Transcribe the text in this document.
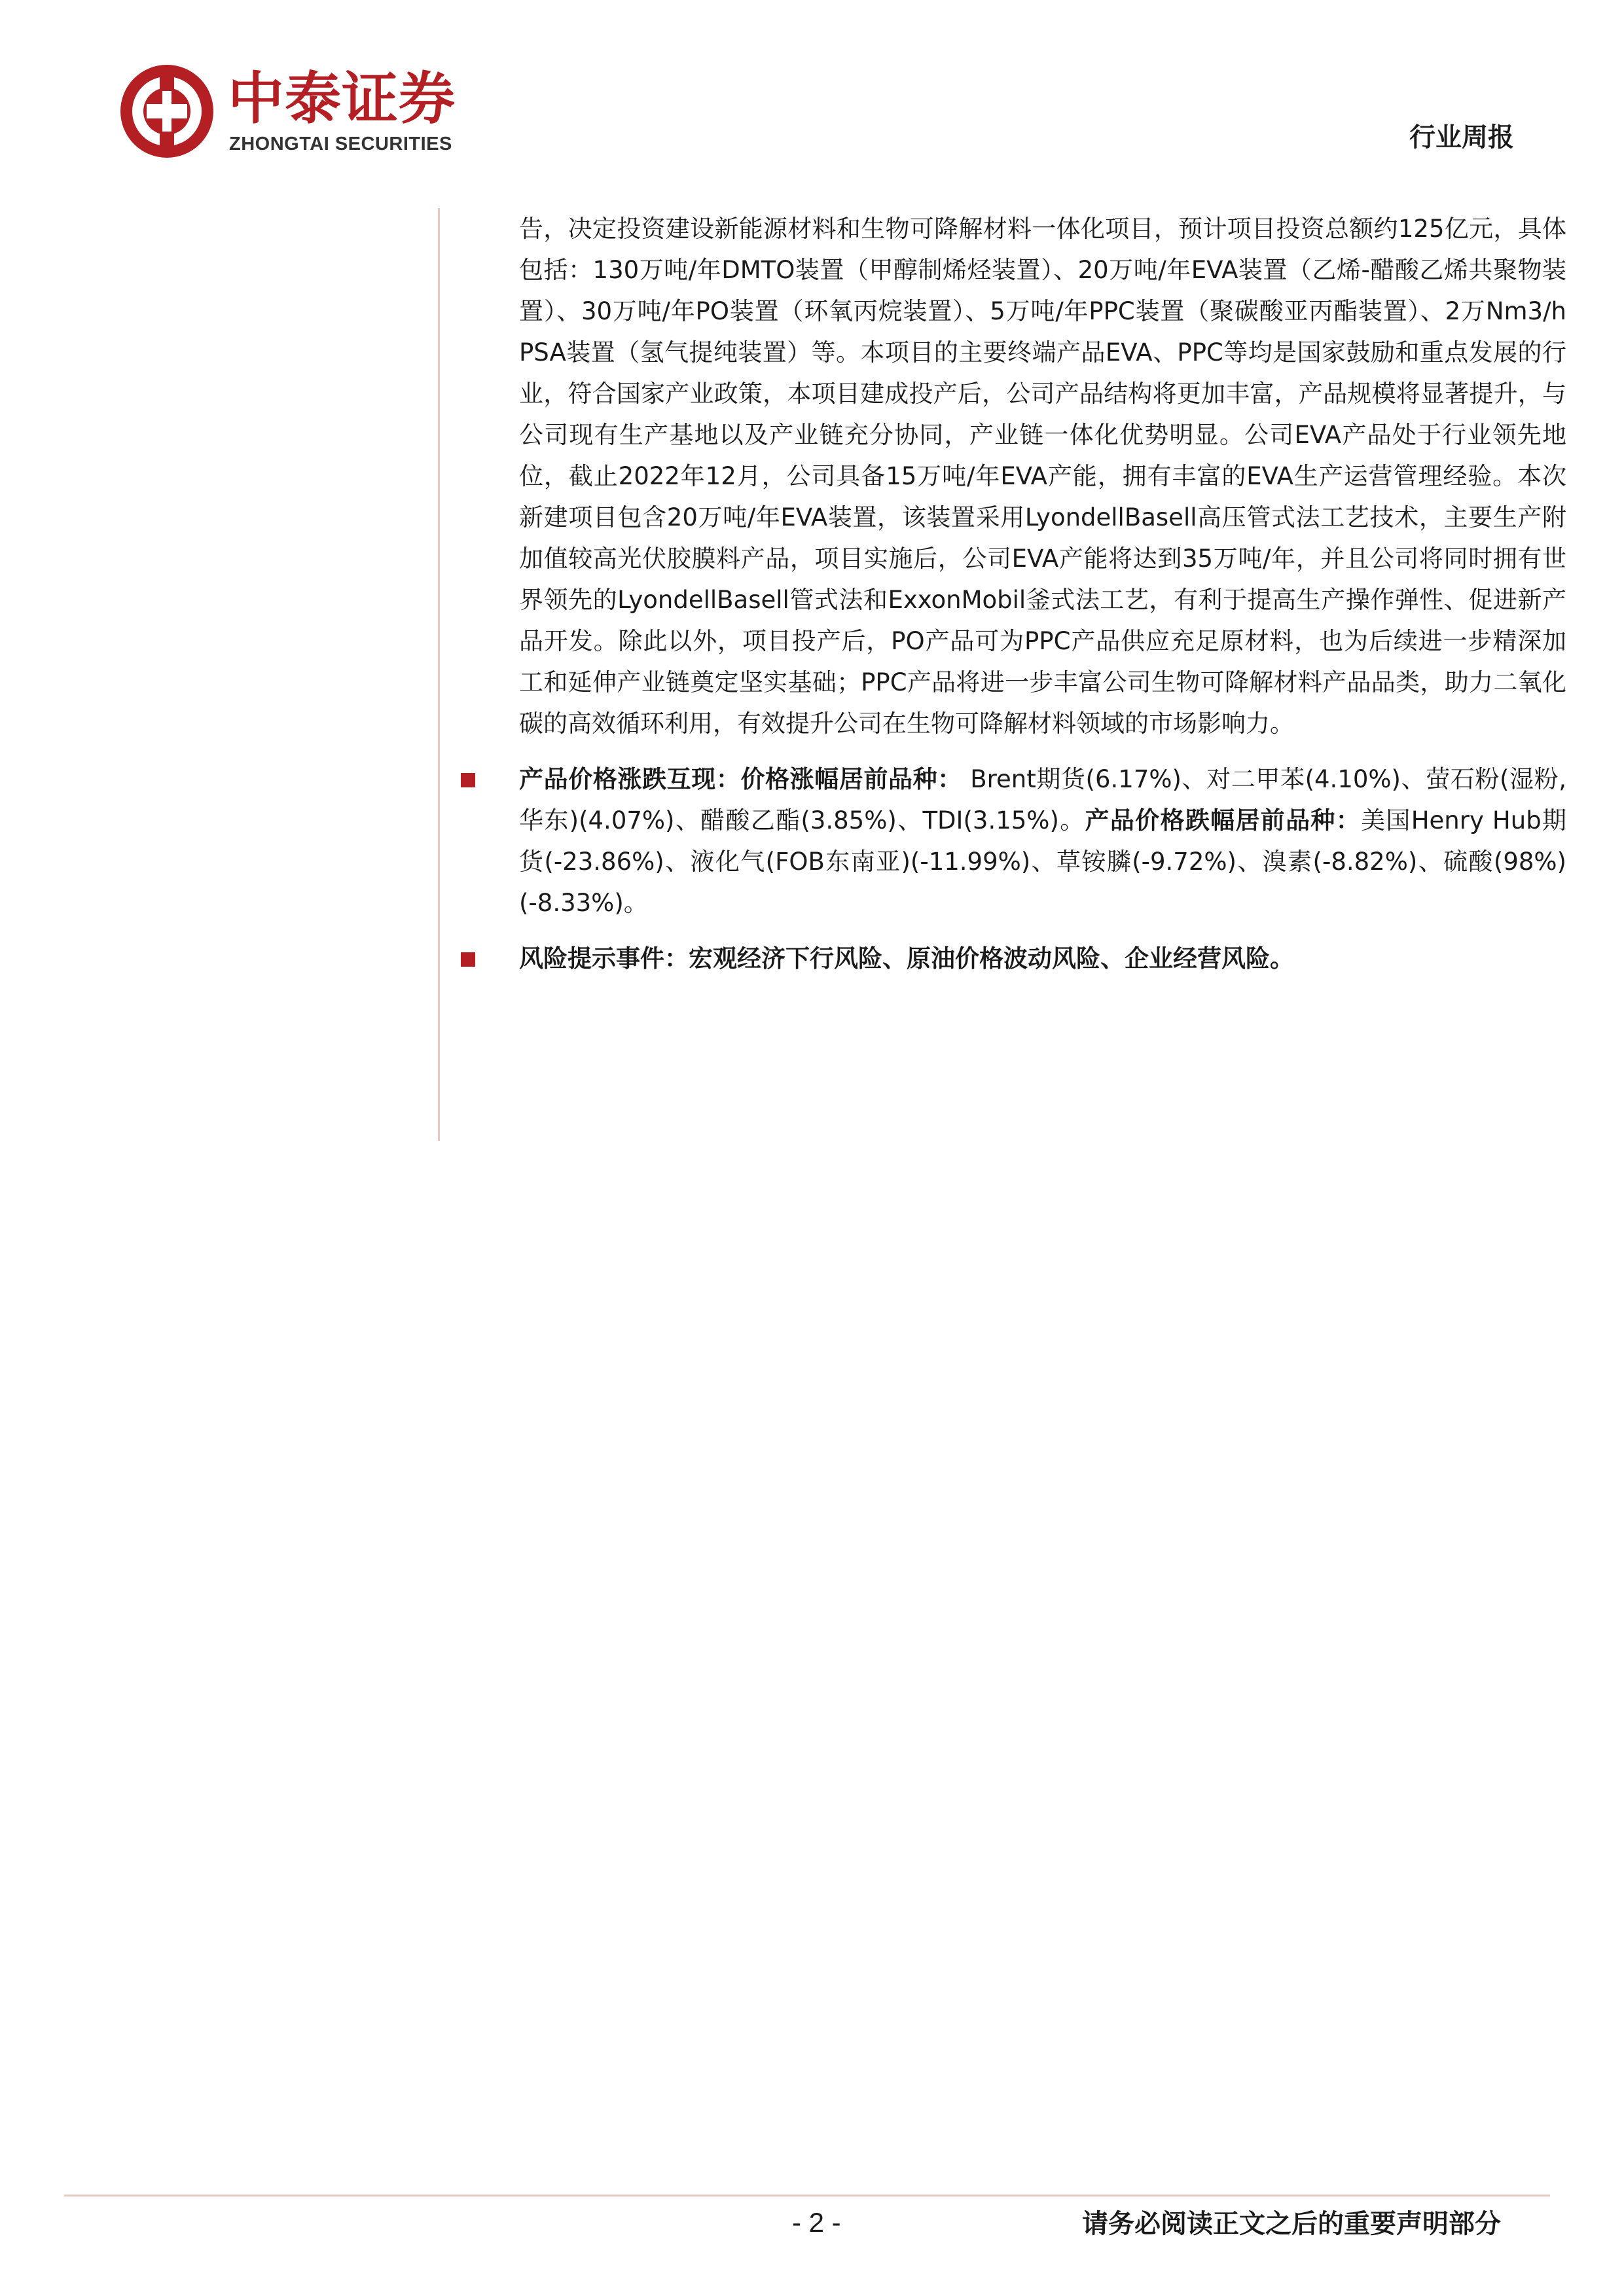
中泰证券
ZHONGTAI SECURITIES	行业周报

告，决定投资建设新能源材料和生物可降解材料一体化项目，预计项目投资总额约125亿元，具体包括：130万吨/年DMTO装置（甲醇制烯烃装置）、20万吨/年EVA装置（乙烯-醋酸乙烯共聚物装置）、30万吨/年PO装置（环氧丙烷装置）、5万吨/年PPC装置（聚碳酸亚丙酯装置）、2万Nm3/h PSA装置（氢气提纯装置）等。本项目的主要终端产品EVA、PPC等均是国家鼓励和重点发展的行业，符合国家产业政策，本项目建成投产后，公司产品结构将更加丰富，产品规模将显著提升，与公司现有生产基地以及产业链充分协同，产业链一体化优势明显。公司EVA产品处于行业领先地位，截止2022年12月，公司具备15万吨/年EVA产能，拥有丰富的EVA生产运营管理经验。本次新建项目包含20万吨/年EVA装置，该装置采用LyondellBasell高压管式法工艺技术，主要生产附加值较高光伏胶膜料产品，项目实施后，公司EVA产能将达到35万吨/年，并且公司将同时拥有世界领先的LyondellBasell管式法和ExxonMobil釜式法工艺，有利于提高生产操作弹性、促进新产品开发。除此以外，项目投产后，PO产品可为PPC产品供应充足原材料，也为后续进一步精深加工和延伸产业链奠定坚实基础；PPC产品将进一步丰富公司生物可降解材料产品品类，助力二氧化碳的高效循环利用，有效提升公司在生物可降解材料领域的市场影响力。

产品价格涨跌互现：价格涨幅居前品种： Brent期货(6.17%)、对二甲苯(4.10%)、萤石粉(湿粉,华东)(4.07%)、醋酸乙酯(3.85%)、TDI(3.15%)。产品价格跌幅居前品种：美国Henry Hub期货(-23.86%)、液化气(FOB东南亚)(-11.99%)、草铵膦(-9.72%)、溴素(-8.82%)、硫酸(98%)(-8.33%)。

风险提示事件：宏观经济下行风险、原油价格波动风险、企业经营风险。

- 2 -	请务必阅读正文之后的重要声明部分
